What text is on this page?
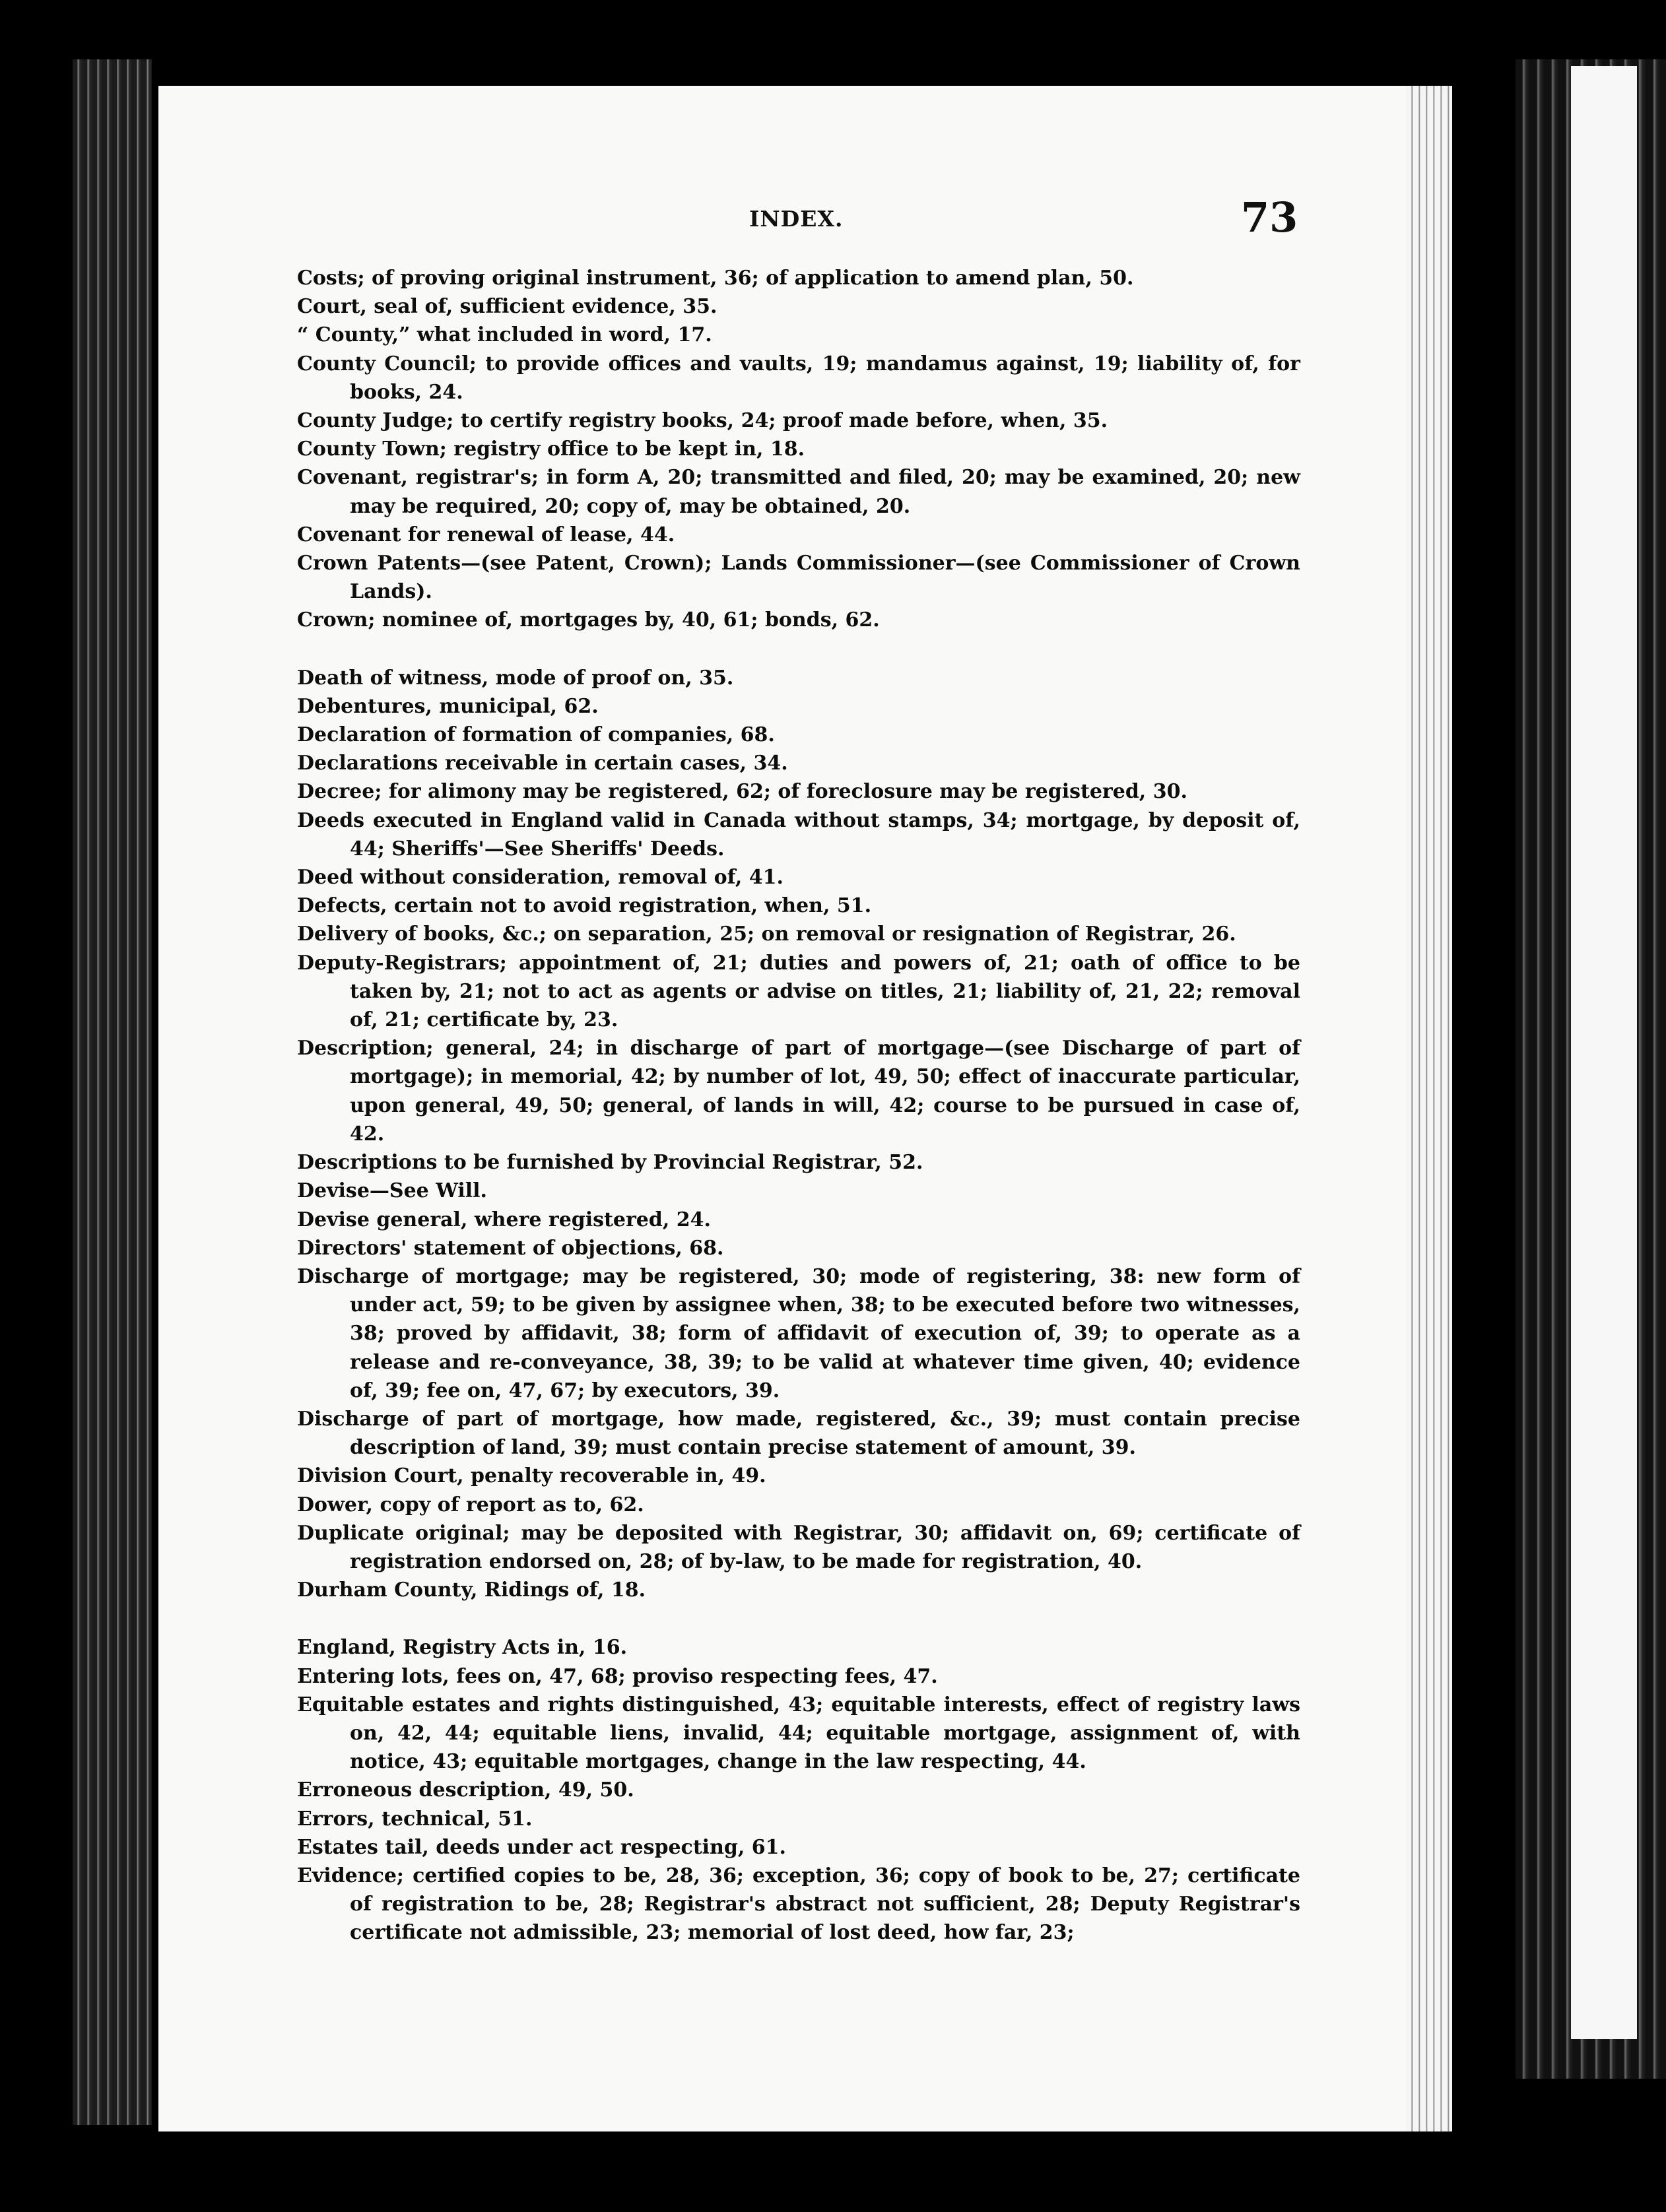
INDEX.	73
Costs; of proving original instrument, 36; of application to amend plan, 50.
Court, seal of, sufficient evidence, 35.
“ County,” what included in word, 17.
County Council; to provide offices and vaults, 19; mandamus against, 19; liability of, for books, 24.
County Judge; to certify registry books, 24; proof made before, when, 35.
County Town; registry office to be kept in, 18.
Covenant, registrar's; in form A, 20; transmitted and filed, 20; may be examined, 20; new may be required, 20; copy of, may be obtained, 20.
Covenant for renewal of lease, 44.
Crown Patents—(see Patent, Crown); Lands Commissioner—(see Commissioner of Crown Lands).
Crown; nominee of, mortgages by, 40, 61; bonds, 62.
Death of witness, mode of proof on, 35.
Debentures, municipal, 62.
Declaration of formation of companies, 68.
Declarations receivable in certain cases, 34.
Decree; for alimony may be registered, 62; of foreclosure may be registered, 30.
Deeds executed in England valid in Canada without stamps, 34; mortgage, by deposit of, 44; Sheriffs'—See Sheriffs' Deeds.
Deed without consideration, removal of, 41.
Defects, certain not to avoid registration, when, 51.
Delivery of books, &c.; on separation, 25; on removal or resignation of Registrar, 26.
Deputy-Registrars; appointment of, 21; duties and powers of, 21; oath of office to be taken by, 21; not to act as agents or advise on titles, 21; liability of, 21, 22; removal of, 21; certificate by, 23.
Description; general, 24; in discharge of part of mortgage—(see Discharge of part of mortgage); in memorial, 42; by number of lot, 49, 50; effect of inaccurate particular, upon general, 49, 50; general, of lands in will, 42; course to be pursued in case of, 42.
Descriptions to be furnished by Provincial Registrar, 52.
Devise—See Will.
Devise general, where registered, 24.
Directors' statement of objections, 68.
Discharge of mortgage; may be registered, 30; mode of registering, 38: new form of under act, 59; to be given by assignee when, 38; to be executed before two witnesses, 38; proved by affidavit, 38; form of affidavit of execution of, 39; to operate as a release and re-conveyance, 38, 39; to be valid at whatever time given, 40; evidence of, 39; fee on, 47, 67; by executors, 39.
Discharge of part of mortgage, how made, registered, &c., 39; must contain precise description of land, 39; must contain precise statement of amount, 39.
Division Court, penalty recoverable in, 49.
Dower, copy of report as to, 62.
Duplicate original; may be deposited with Registrar, 30; affidavit on, 69; certificate of registration endorsed on, 28; of by-law, to be made for registration, 40.
Durham County, Ridings of, 18.
England, Registry Acts in, 16.
Entering lots, fees on, 47, 68; proviso respecting fees, 47.
Equitable estates and rights distinguished, 43; equitable interests, effect of registry laws on, 42, 44; equitable liens, invalid, 44; equitable mortgage, assignment of, with notice, 43; equitable mortgages, change in the law respecting, 44.
Erroneous description, 49, 50.
Errors, technical, 51.
Estates tail, deeds under act respecting, 61.
Evidence; certified copies to be, 28, 36; exception, 36; copy of book to be, 27; certificate of registration to be, 28; Registrar's abstract not sufficient, 28; Deputy Registrar's certificate not admissible, 23; memorial of lost deed, how far, 23;
